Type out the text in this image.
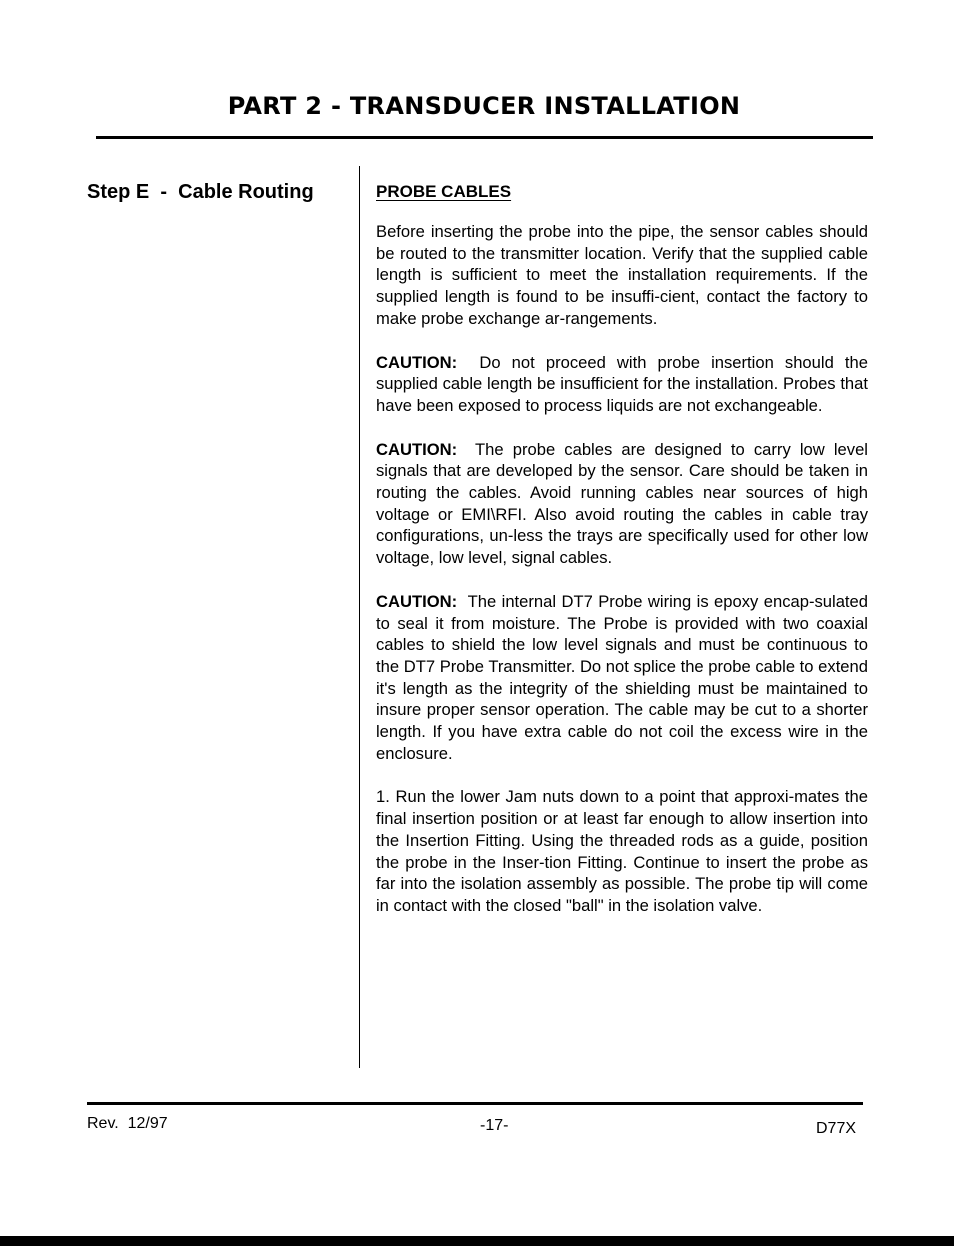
PART 2 - TRANSDUCER INSTALLATION
Step E  -  Cable Routing	PROBE CABLES

Before inserting the probe into the pipe, the sensor cables should be routed to the transmitter location. Verify that the supplied cable length is sufficient to meet the installation requirements. If the supplied length is found to be insuffi-cient, contact the factory to make probe exchange ar-rangements.

CAUTION: Do not proceed with probe insertion should the supplied cable length be insufficient for the installation. Probes that have been exposed to process liquids are not exchangeable.

CAUTION: The probe cables are designed to carry low level signals that are developed by the sensor. Care should be taken in routing the cables. Avoid running cables near sources of high voltage or EMI\RFI. Also avoid routing the cables in cable tray configurations, un-less the trays are specifically used for other low voltage, low level, signal cables.

CAUTION: The internal DT7 Probe wiring is epoxy encap-sulated to seal it from moisture. The Probe is provided with two coaxial cables to shield the low level signals and must be continuous to the DT7 Probe Transmitter. Do not splice the probe cable to extend it's length as the integrity of the shielding must be maintained to insure proper sensor operation. The cable may be cut to a shorter length. If you have extra cable do not coil the excess wire in the enclosure.

1. Run the lower Jam nuts down to a point that approxi-mates the final insertion position or at least far enough to allow insertion into the Insertion Fitting. Using the threaded rods as a guide, position the probe in the Inser-tion Fitting. Continue to insert the probe as far into the isolation assembly as possible. The probe tip will come in contact with the closed "ball" in the isolation valve.

Rev.  12/97	-17-	D77X
